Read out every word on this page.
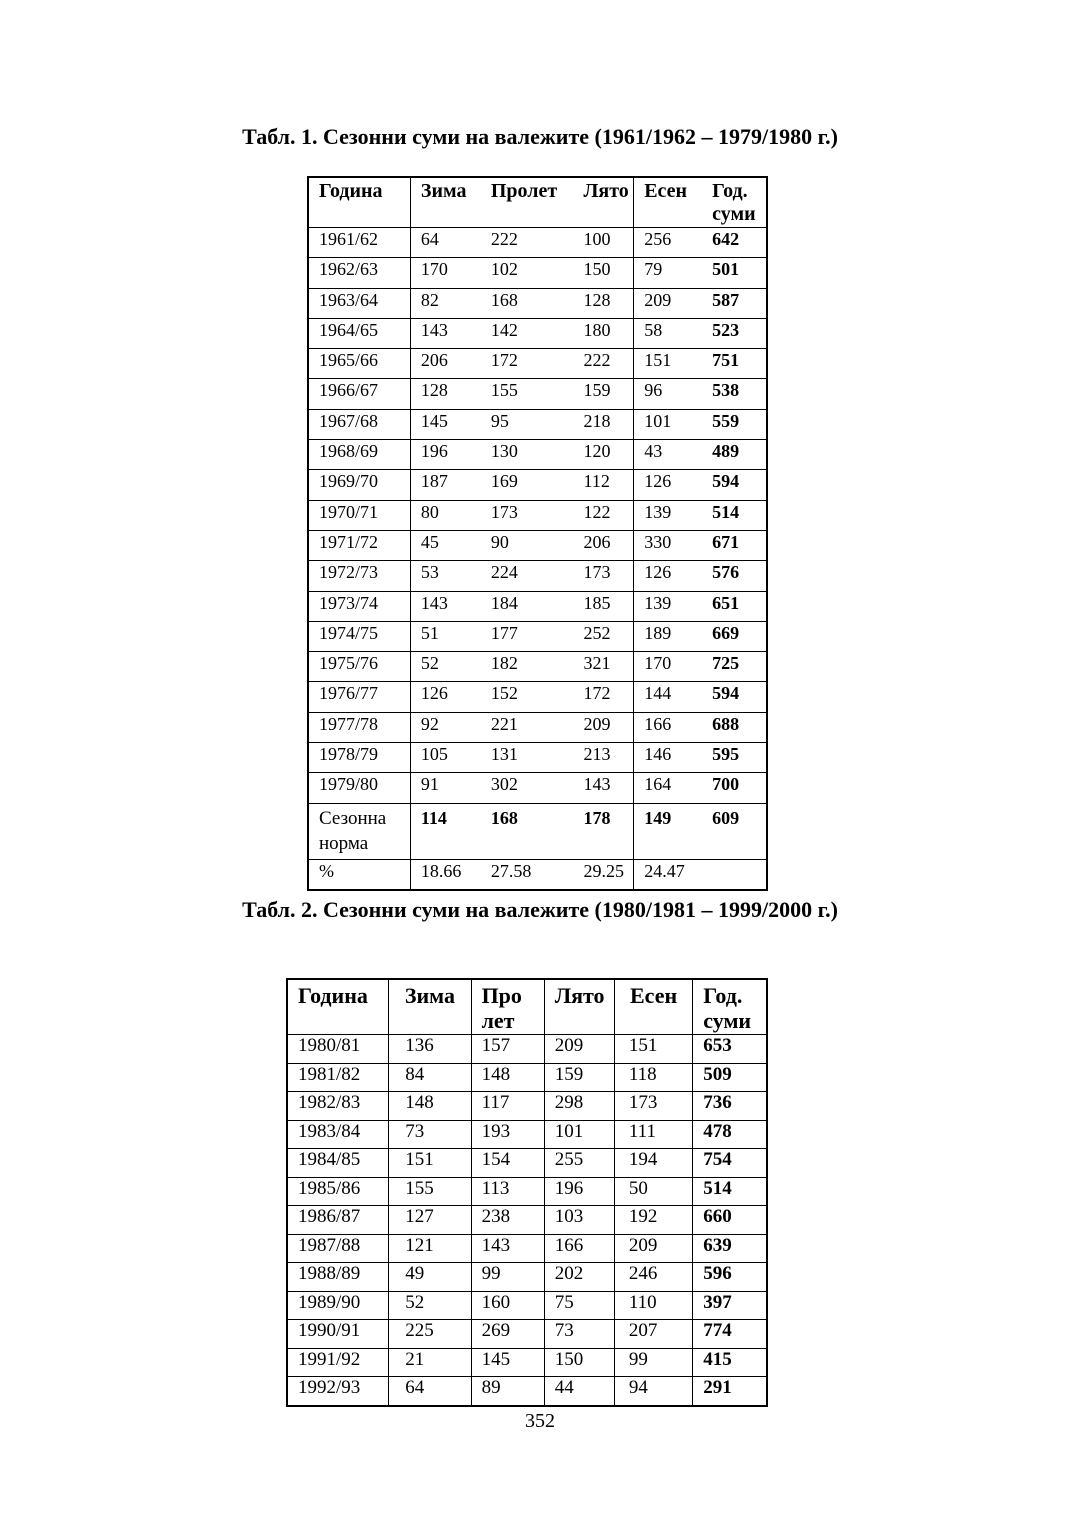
Табл. 1. Сезонни суми на валежите (1961/1962 – 1979/1980 г.)
Година	Зима	Пролет	Лято	Есен	Год. суми
1961/62	64	222	100	256	642
1962/63	170	102	150	79	501
1963/64	82	168	128	209	587
1964/65	143	142	180	58	523
1965/66	206	172	222	151	751
1966/67	128	155	159	96	538
1967/68	145	95	218	101	559
1968/69	196	130	120	43	489
1969/70	187	169	112	126	594
1970/71	80	173	122	139	514
1971/72	45	90	206	330	671
1972/73	53	224	173	126	576
1973/74	143	184	185	139	651
1974/75	51	177	252	189	669
1975/76	52	182	321	170	725
1976/77	126	152	172	144	594
1977/78	92	221	209	166	688
1978/79	105	131	213	146	595
1979/80	91	302	143	164	700
Сезонна норма	114	168	178	149	609
%	18.66	27.58	29.25	24.47	
Табл. 2. Сезонни суми на валежите (1980/1981 – 1999/2000 г.)
Година	Зима	Про лет	Лято	Есен	Год. суми
1980/81	136	157	209	151	653
1981/82	84	148	159	118	509
1982/83	148	117	298	173	736
1983/84	73	193	101	111	478
1984/85	151	154	255	194	754
1985/86	155	113	196	50	514
1986/87	127	238	103	192	660
1987/88	121	143	166	209	639
1988/89	49	99	202	246	596
1989/90	52	160	75	110	397
1990/91	225	269	73	207	774
1991/92	21	145	150	99	415
1992/93	64	89	44	94	291
352
